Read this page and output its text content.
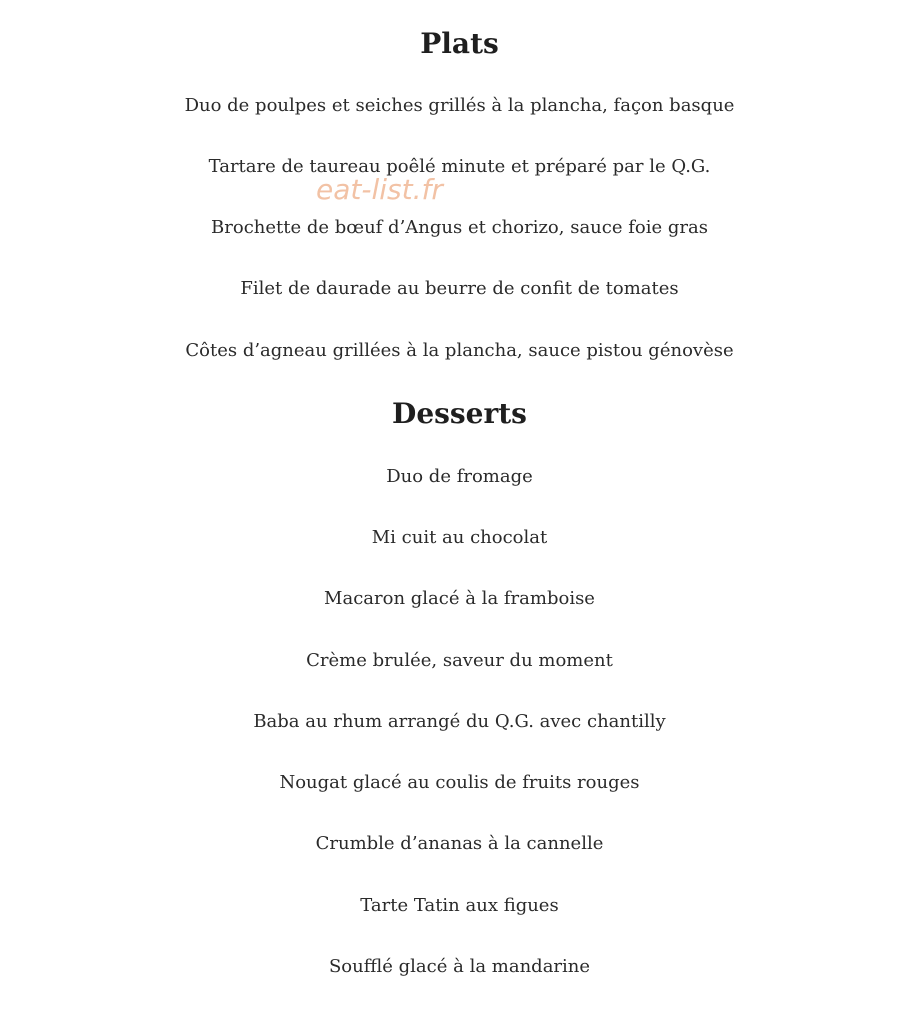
Plats

Duo de poulpes et seiches grillés à la plancha, façon basque

Tartare de taureau poêlé minute et préparé par le Q.G.

Brochette de bœuf d’Angus et chorizo, sauce foie gras

Filet de daurade au beurre de confit de tomates

Côtes d’agneau grillées à la plancha, sauce pistou génovèse

Desserts

Duo de fromage

Mi cuit au chocolat

Macaron glacé à la framboise

Crème brulée, saveur du moment

Baba au rhum arrangé du Q.G. avec chantilly

Nougat glacé au coulis de fruits rouges

Crumble d’ananas à la cannelle

Tarte Tatin aux figues

Soufflé glacé à la mandarine

eat-list.fr
